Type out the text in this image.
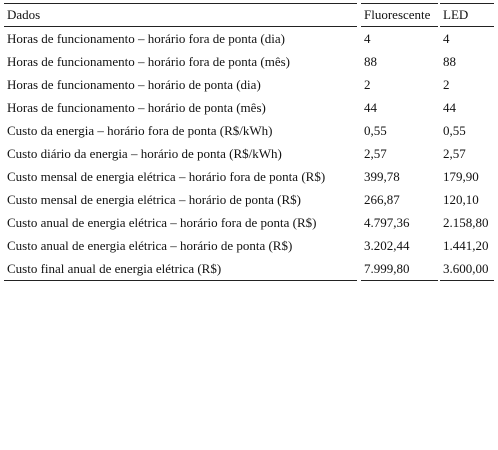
Dados		Fluorescente		LED
Horas de funcionamento – horário fora de ponta (dia)		4		4
Horas de funcionamento – horário fora de ponta (mês)		88		88
Horas de funcionamento – horário de ponta (dia)		2		2
Horas de funcionamento – horário de ponta (mês)		44		44
Custo da energia – horário fora de ponta (R$/kWh)		0,55		0,55
Custo diário da energia – horário de ponta (R$/kWh)		2,57		2,57
Custo mensal de energia elétrica – horário fora de ponta (R$)		399,78		179,90
Custo mensal de energia elétrica – horário de ponta (R$)		266,87		120,10
Custo anual de energia elétrica – horário fora de ponta (R$)		4.797,36		2.158,80
Custo anual de energia elétrica – horário de ponta (R$)		3.202,44		1.441,20
Custo final anual de energia elétrica (R$)		7.999,80		3.600,00
